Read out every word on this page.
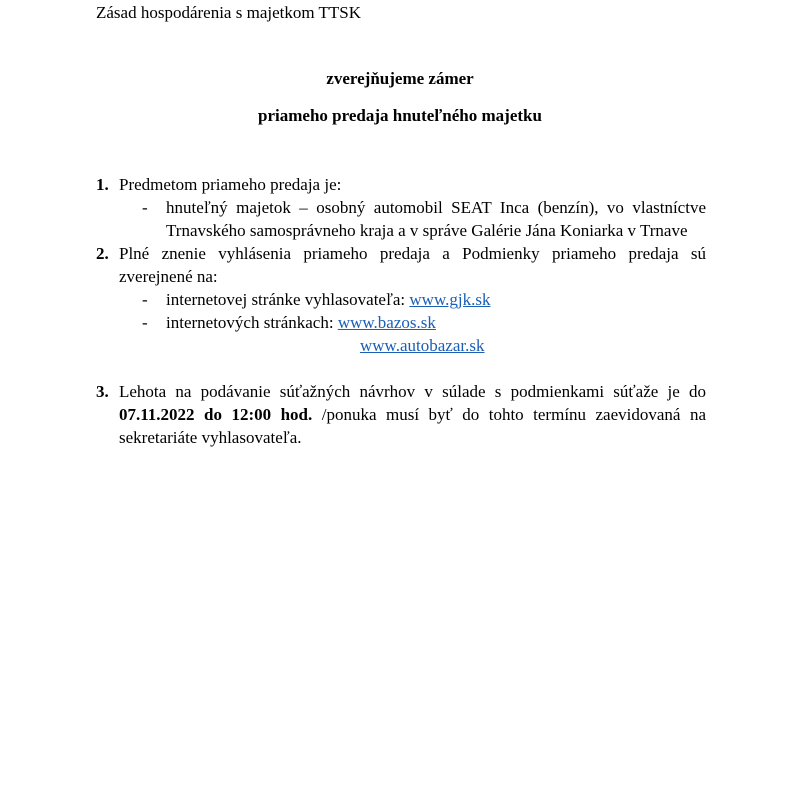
Zásad hospodárenia s majetkom TTSK
zverejňujeme zámer
priameho predaja hnuteľného majetku
1. Predmetom priameho predaja je:
- hnuteľný majetok – osobný automobil SEAT Inca (benzín), vo vlastníctve Trnavského samosprávneho kraja a v správe Galérie Jána Koniarka v Trnave
2. Plné znenie vyhlásenia priameho predaja a Podmienky priameho predaja sú zverejnené na:
- internetovej stránke vyhlasovateľa: www.gjk.sk
- internetových stránkach: www.bazos.sk
www.autobazar.sk
3. Lehota na podávanie súťažných návrhov v súlade s podmienkami súťaže je do 07.11.2022 do 12:00 hod. /ponuka musí byť do tohto termínu zaevidovaná na sekretariáte vyhlasovateľa.
